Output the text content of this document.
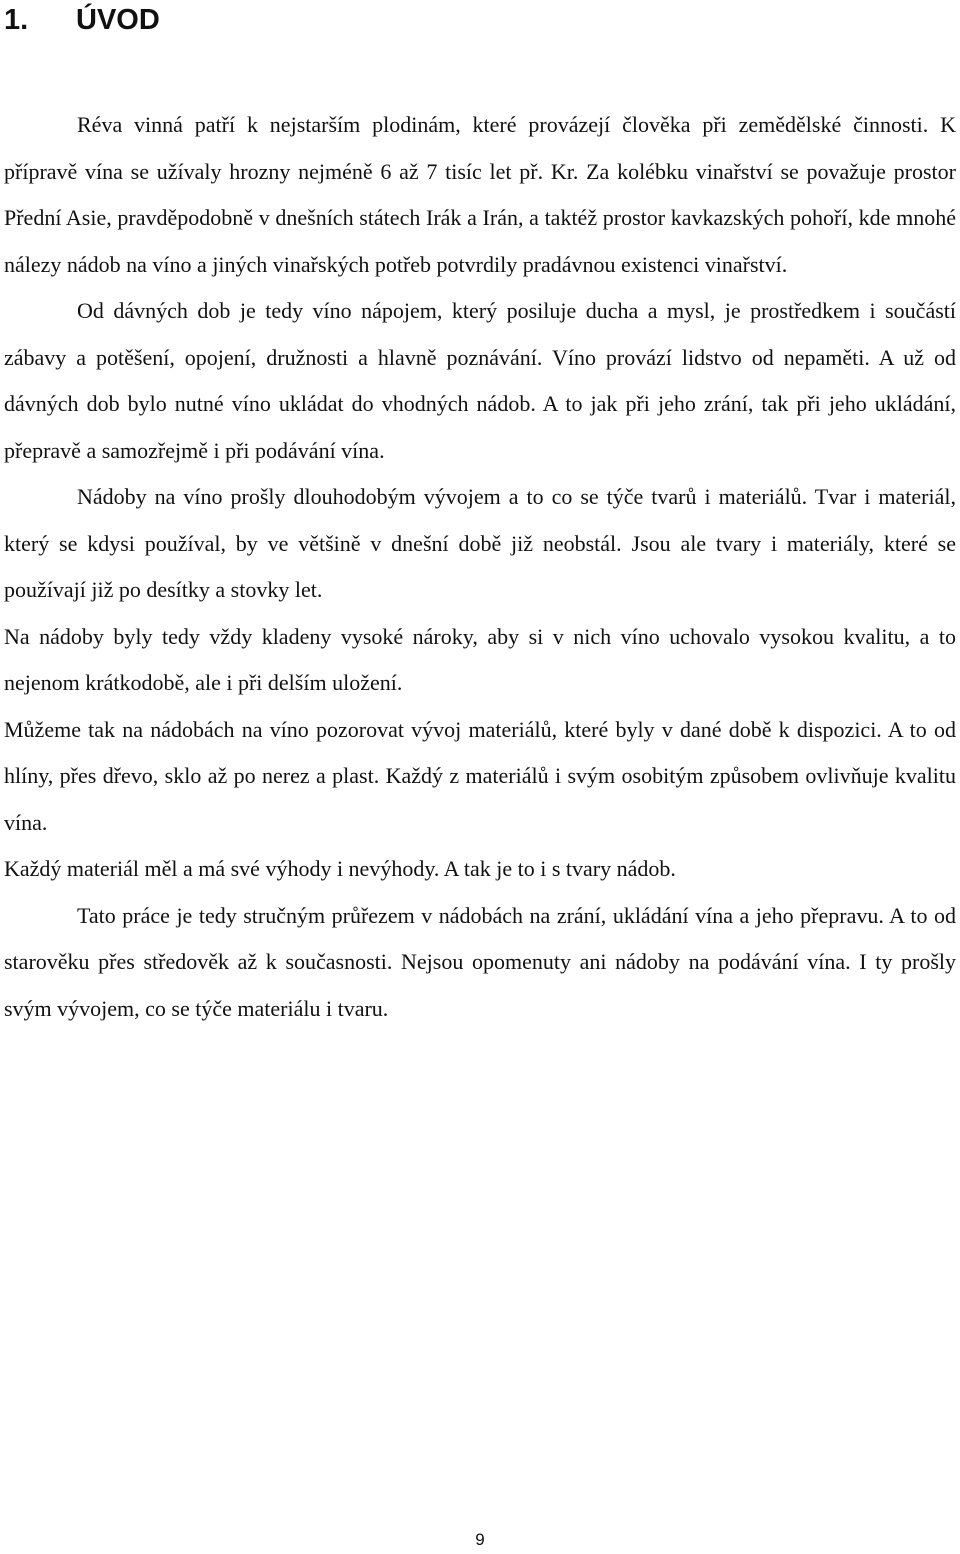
1. ÚVOD

Réva vinná patří k nejstarším plodinám, které provázejí člověka při zemědělské činnosti. K přípravě vína se užívaly hrozny nejméně 6 až 7 tisíc let př. Kr. Za kolébku vinařství se považuje prostor Přední Asie, pravděpodobně v dnešních státech Irák a Irán, a taktéž prostor kavkazských pohoří, kde mnohé nálezy nádob na víno a jiných vinařských potřeb potvrdily pradávnou existenci vinařství.

Od dávných dob je tedy víno nápojem, který posiluje ducha a mysl, je prostředkem i součástí zábavy a potěšení, opojení, družnosti a hlavně poznávání. Víno provází lidstvo od nepaměti. A už od dávných dob bylo nutné víno ukládat do vhodných nádob. A to jak při jeho zrání, tak při jeho ukládání, přepravě a samozřejmě i při podávání vína.

Nádoby na víno prošly dlouhodobým vývojem a to co se týče tvarů i materiálů. Tvar i materiál, který se kdysi používal, by ve většině v dnešní době již neobstál. Jsou ale tvary i materiály, které se používají již po desítky a stovky let.

Na nádoby byly tedy vždy kladeny vysoké nároky, aby si v nich víno uchovalo vysokou kvalitu, a to nejenom krátkodobě, ale i při delším uložení.

Můžeme tak na nádobách na víno pozorovat vývoj materiálů, které byly v dané době k dispozici. A to od hlíny, přes dřevo, sklo až po nerez a plast. Každý z materiálů i svým osobitým způsobem ovlivňuje kvalitu vína.

Každý materiál měl a má své výhody i nevýhody. A tak je to i s tvary nádob.

Tato práce je tedy stručným průřezem v nádobách na zrání, ukládání vína a jeho přepravu. A to od starověku přes středověk až k současnosti. Nejsou opomenuty ani nádoby na podávání vína. I ty prošly svým vývojem, co se týče materiálu i tvaru.

9
